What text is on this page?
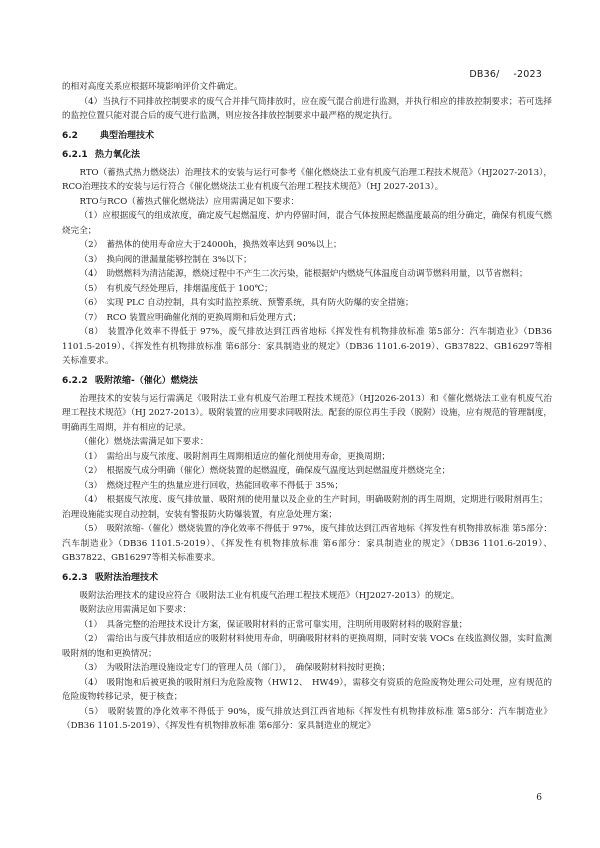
DB36/　  -2023

的相对高度关系应根据环境影响评价文件确定。

（4）当执行不同排放控制要求的废气合并排气筒排放时，应在废气混合前进行监测，并执行相应的排放控制要求；若可选择的监控位置只能对混合后的废气进行监测，则应按各排放控制要求中最严格的规定执行。

6.2 典型治理技术
6.2.1 热力氧化法

RTO（蓄热式热力燃烧法）治理技术的安装与运行可参考《催化燃烧法工业有机废气治理工程技术规范》（HJ2027-2013），RCO治理技术的安装与运行符合《催化燃烧法工业有机废气治理工程技术规范》（HJ 2027-2013）。

RTO与RCO（蓄热式催化燃烧法）应用需满足如下要求：

（1）应根据废气的组成浓度，确定废气起燃温度、炉内停留时间，混合气体按照起燃温度最高的组分确定，确保有机废气燃烧完全；

（2） 蓄热体的使用寿命应大于24000h，换热效率达到 90%以上；

（3） 换向阀的泄漏量能够控制在 3%以下；

（4） 助燃燃料为清洁能源，燃烧过程中不产生二次污染，能根据炉内燃烧气体温度自动调节燃料用量，以节省燃料；

（5） 有机废气经处理后，排烟温度低于 100℃；

（6） 实现 PLC 自动控制，具有实时监控系统、预警系统，具有防火防爆的安全措施；

（7） RCO 装置应明确催化剂的更换周期和后处理方式；

（8） 装置净化效率不得低于 97%，废气排放达到江西省地标《挥发性有机物排放标准 第5部分：汽车制造业》（DB36 1101.5-2019）、《挥发性有机物排放标准 第6部分：家具制造业的规定》（DB36 1101.6-2019）、GB37822、GB16297等相关标准要求。

6.2.2 吸附浓缩-（催化）燃烧法

治理技术的安装与运行需满足《吸附法工业有机废气治理工程技术规范》（HJ2026-2013）和《催化燃烧法工业有机废气治理工程技术规范》（HJ 2027-2013）。吸附装置的应用要求同吸附法。配套的原位再生手段（脱附）设施，应有规范的管理制度，明确再生周期，并有相应的记录。

（催化）燃烧法需满足如下要求：

（1） 需给出与废气浓度、吸附剂再生周期相适应的催化剂使用寿命，更换周期；

（2） 根据废气成分明确（催化）燃烧装置的起燃温度，确保废气温度达到起燃温度并燃烧完全；

（3） 燃烧过程产生的热量应进行回收，热能回收率不得低于 35%；

（4） 根据废气浓度、废气排放量、吸附剂的使用量以及企业的生产时间，明确吸附剂的再生周期，定期进行吸附剂再生； 治理设施能实现自动控制，安装有警报防火防爆装置，有应急处理方案；

（5） 吸附浓缩-（催化）燃烧装置的净化效率不得低于 97%，废气排放达到江西省地标《挥发性有机物排放标准 第5部分：汽车制造业》（DB36 1101.5-2019）、《挥发性有机物排放标准 第6部分：家具制造业的规定》（DB36 1101.6-2019）、GB37822、GB16297等相关标准要求。

6.2.3 吸附法治理技术

吸附法治理技术的建设应符合《吸附法工业有机废气治理工程技术规范》（HJ2027-2013）的规定。

吸附法应用需满足如下要求：

（1） 具备完整的治理技术设计方案，保证吸附材料的正常可靠实用，注明所用吸附材料的吸附容量；

（2） 需给出与废气排放相适应的吸附材料使用寿命，明确吸附材料的更换周期，同时安装 VOCs 在线监测仪器，实时监测吸附剂的饱和更换情况；

（3） 为吸附法治理设施设定专门的管理人员（部门）， 确保吸附材料按时更换；

（4） 吸附饱和后被更换的吸附剂归为危险废物（HW12、 HW49），需移交有资质的危险废物处理公司处理，应有规范的危险废物转移记录，便于核查；

（5） 吸附装置的净化效率不得低于 90%，废气排放达到江西省地标《挥发性有机物排放标准 第5部分：汽车制造业》（DB36 1101.5-2019）、《挥发性有机物排放标准 第6部分：家具制造业的规定》

6
